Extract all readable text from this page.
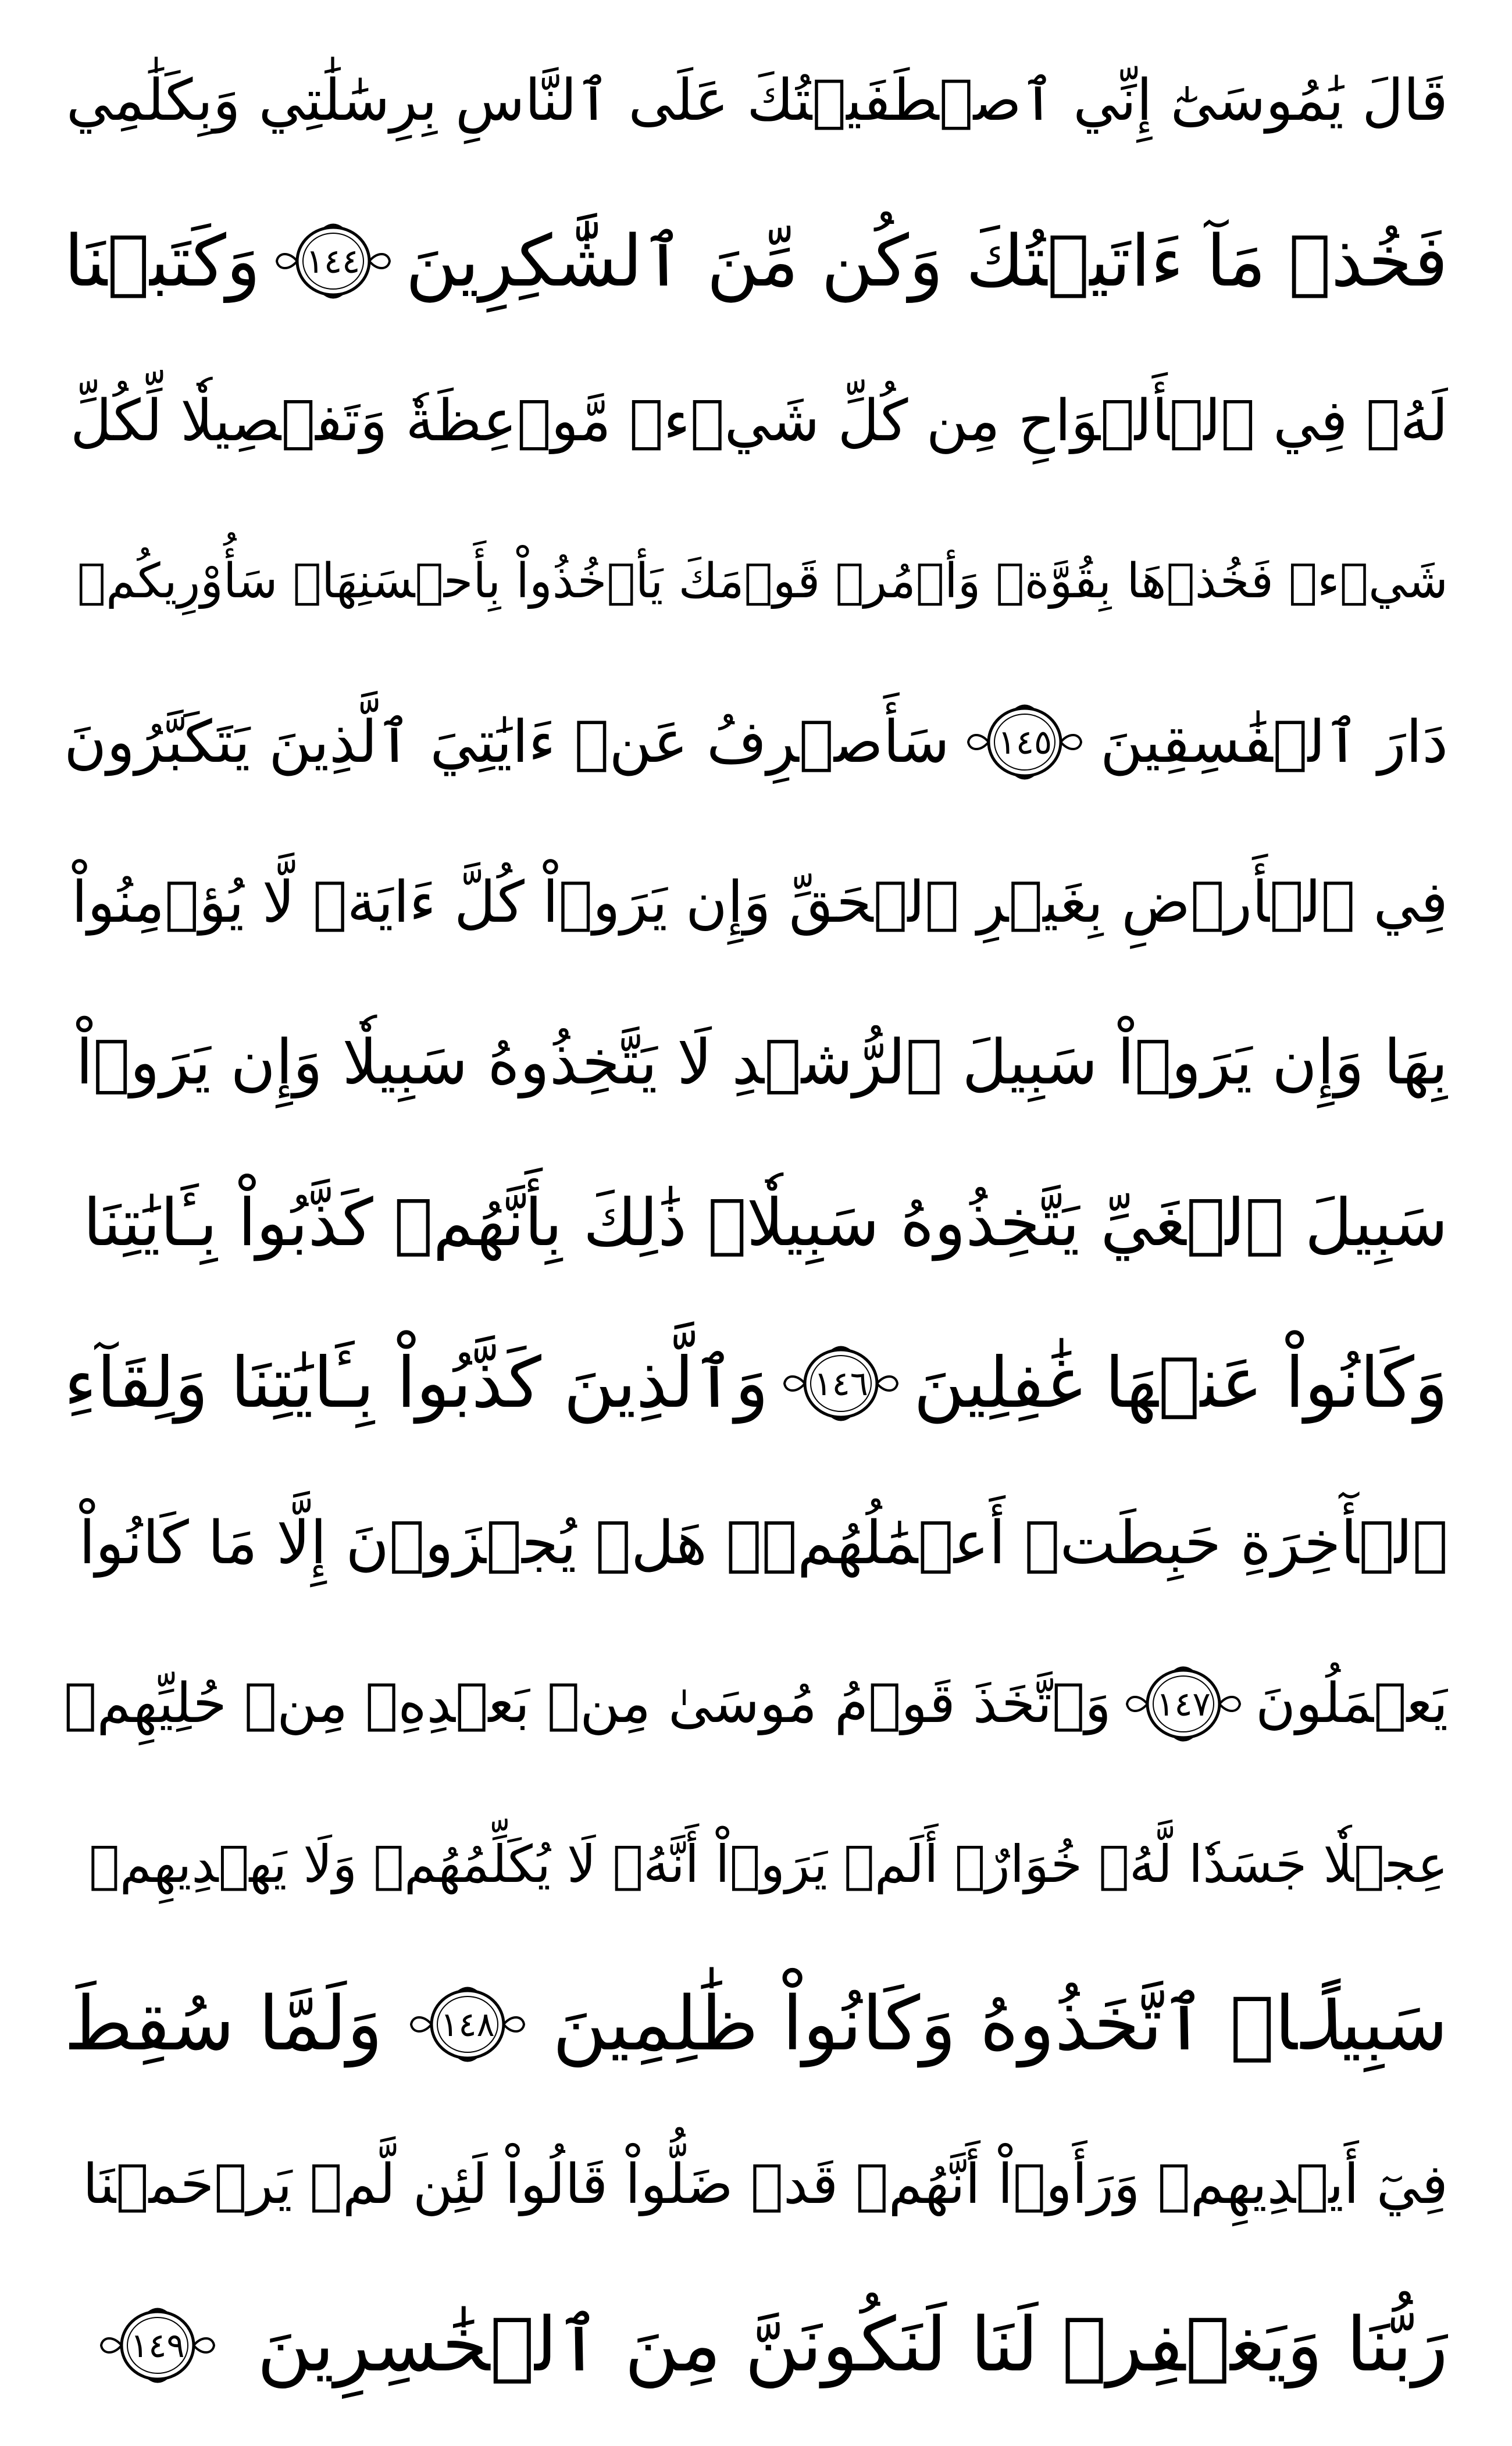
قَالَ يَٰمُوسَىٰٓ إِنِّي ٱصۡطَفَيۡتُكَ عَلَى ٱلنَّاسِ بِرِسَٰلَٰتِي وَبِكَلَٰمِي
فَخُذۡ مَآ ءَاتَيۡتُكَ وَكُن مِّنَ ٱلشَّٰكِرِينَ
١٤٤
وَكَتَبۡنَا
لَهُۥ فِي ٱلۡأَلۡوَاحِ مِن كُلِّ شَيۡءٖ مَّوۡعِظَةٗ وَتَفۡصِيلٗا لِّكُلِّ
شَيۡءٖ فَخُذۡهَا بِقُوَّةٖ وَأۡمُرۡ قَوۡمَكَ يَأۡخُذُواْ بِأَحۡسَنِهَاۚ سَأُوْرِيكُمۡ
دَارَ ٱلۡفَٰسِقِينَ
١٤٥
سَأَصۡرِفُ عَنۡ ءَايَٰتِيَ ٱلَّذِينَ يَتَكَبَّرُونَ
فِي ٱلۡأَرۡضِ بِغَيۡرِ ٱلۡحَقِّ وَإِن يَرَوۡاْ كُلَّ ءَايَةٖ لَّا يُؤۡمِنُواْ
بِهَا وَإِن يَرَوۡاْ سَبِيلَ ٱلرُّشۡدِ لَا يَتَّخِذُوهُ سَبِيلٗا وَإِن يَرَوۡاْ
سَبِيلَ ٱلۡغَيِّ يَتَّخِذُوهُ سَبِيلٗاۚ ذَٰلِكَ بِأَنَّهُمۡ كَذَّبُواْ بِـَٔايَٰتِنَا
وَكَانُواْ عَنۡهَا غَٰفِلِينَ
١٤٦
وَٱلَّذِينَ كَذَّبُواْ بِـَٔايَٰتِنَا وَلِقَآءِ
ٱلۡأٓخِرَةِ حَبِطَتۡ أَعۡمَٰلُهُمۡۚ هَلۡ يُجۡزَوۡنَ إِلَّا مَا كَانُواْ
يَعۡمَلُونَ
١٤٧
وَٱتَّخَذَ قَوۡمُ مُوسَىٰ مِنۢ بَعۡدِهِۦ مِنۡ حُلِيِّهِمۡ
عِجۡلٗا جَسَدٗا لَّهُۥ خُوَارٌۚ أَلَمۡ يَرَوۡاْ أَنَّهُۥ لَا يُكَلِّمُهُمۡ وَلَا يَهۡدِيهِمۡ
سَبِيلًاۘ ٱتَّخَذُوهُ وَكَانُواْ ظَٰلِمِينَ
١٤٨
وَلَمَّا سُقِطَ
فِيٓ أَيۡدِيهِمۡ وَرَأَوۡاْ أَنَّهُمۡ قَدۡ ضَلُّواْ قَالُواْ لَئِن لَّمۡ يَرۡحَمۡنَا
رَبُّنَا وَيَغۡفِرۡ لَنَا لَنَكُونَنَّ مِنَ ٱلۡخَٰسِرِينَ
١٤٩
